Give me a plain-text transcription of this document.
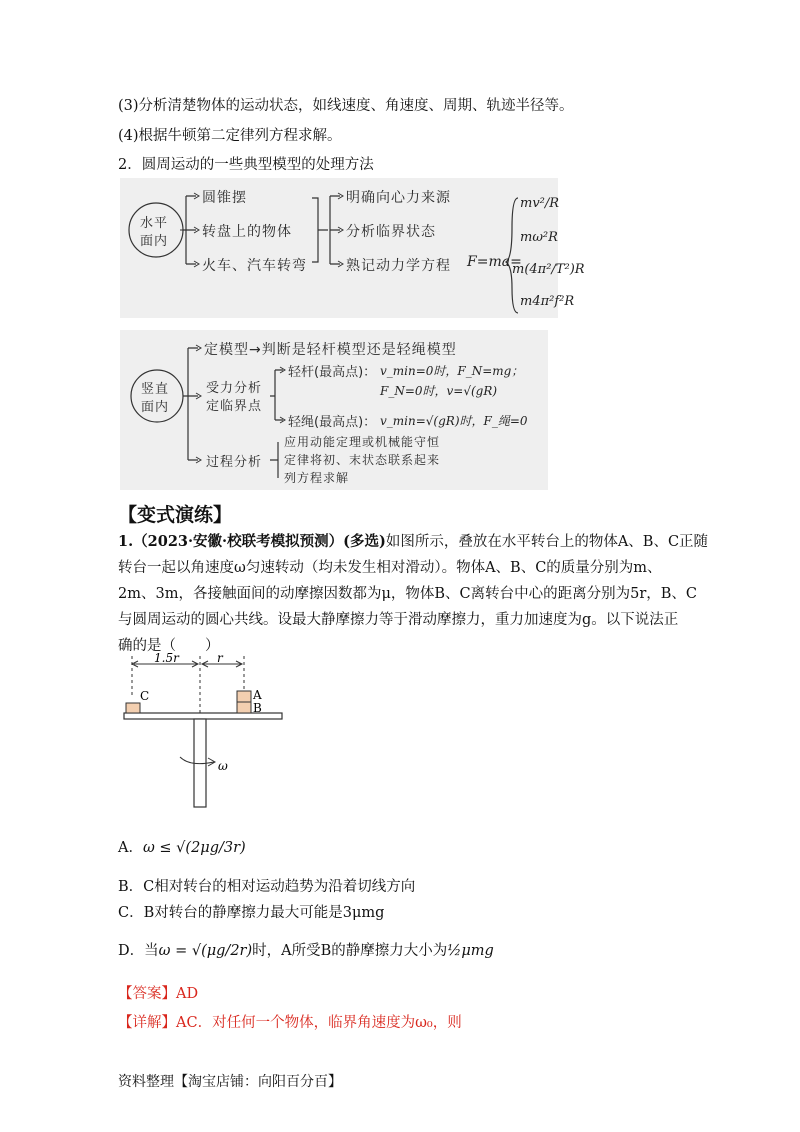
(3)分析清楚物体的运动状态，如线速度、角速度、周期、轨迹半径等。
(4)根据牛顿第二定律列方程求解。
2．圆周运动的一些典型模型的处理方法
水平
面内
圆锥摆
转盘上的物体
火车、汽车转弯
明确向心力来源
分析临界状态
熟记动力学方程 F=ma=
mv²/R
mω²R
m(4π²/T²)R
m4π²f²R
竖直
面内
定模型→判断是轻杆模型还是轻绳模型
受力分析
定临界点
轻杆(最高点)： v_min=0时，F_N=mg；
F_N=0时，v=√(gR)
轻绳(最高点)： v_min=√(gR)时，F_绳=0
过程分析
应用动能定理或机械能守恒
定律将初、末状态联系起来
列方程求解
【变式演练】
1.（2023·安徽·校联考模拟预测）(多选)如图所示，叠放在水平转台上的物体A、B、C正随
转台一起以角速度ω匀速转动（均未发生相对滑动）。物体A、B、C的质量分别为m、
2m、3m，各接触面间的动摩擦因数都为μ，物体B、C离转台中心的距离分别为5r，B、C
与圆周运动的圆心共线。设最大静摩擦力等于滑动摩擦力，重力加速度为g。以下说法正
确的是（　　）
1.5r	r
C	A
B
ω
A．ω ≤ √(2μg/3r)
B．C相对转台的相对运动趋势为沿着切线方向
C．B对转台的静摩擦力最大可能是3μmg
D．当ω = √(μg/2r)时，A所受B的静摩擦力大小为½μmg
【答案】AD
【详解】AC．对任何一个物体，临界角速度为ω₀，则
资料整理【淘宝店铺：向阳百分百】
